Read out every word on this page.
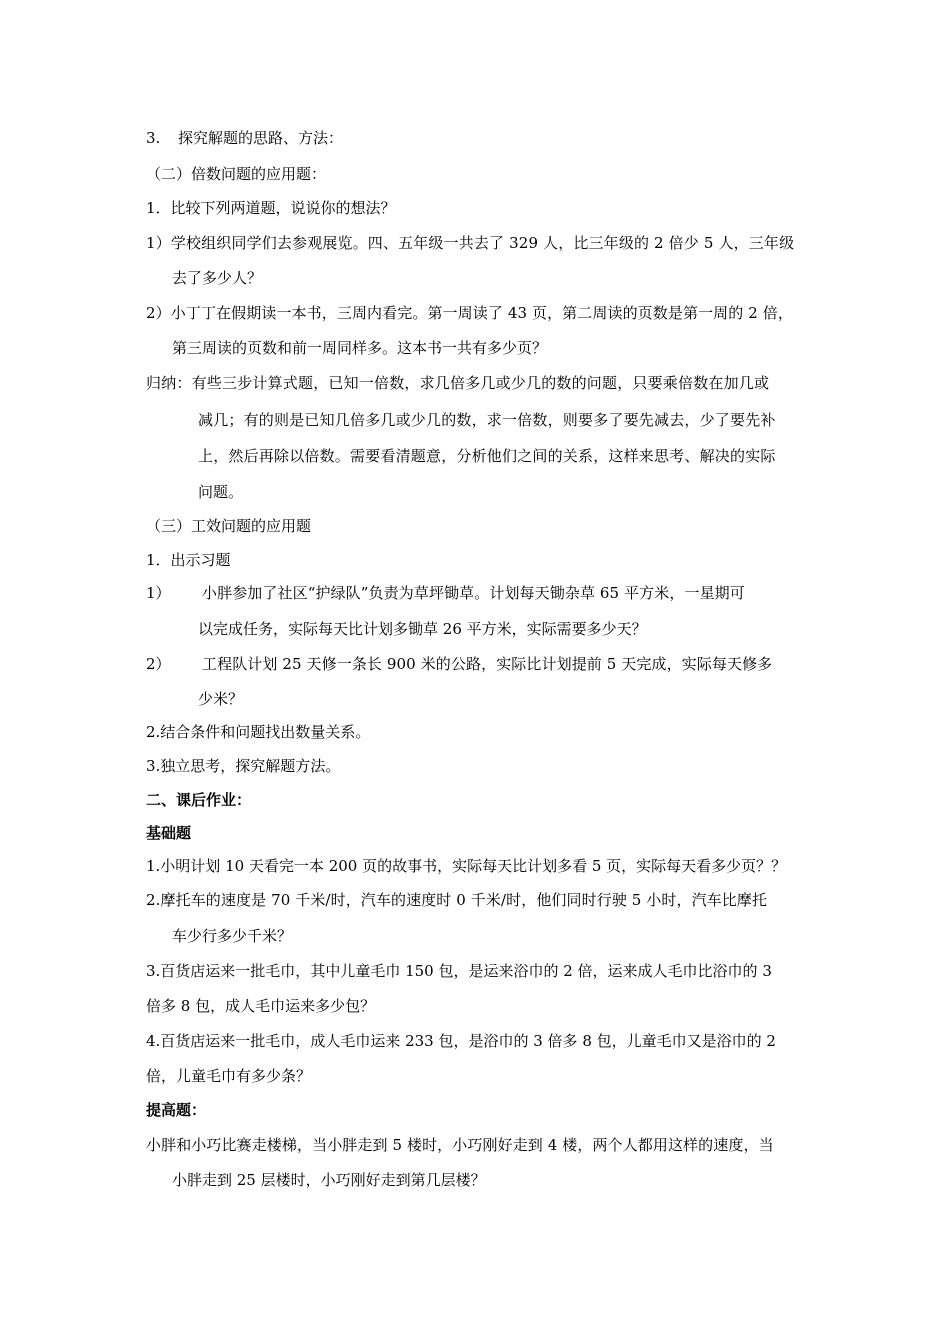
3. 探究解题的思路、方法：
（二）倍数问题的应用题：
1．比较下列两道题，说说你的想法？
1）学校组织同学们去参观展览。四、五年级一共去了 329 人，比三年级的 2 倍少 5 人，三年级
去了多少人？
2）小丁丁在假期读一本书，三周内看完。第一周读了 43 页，第二周读的页数是第一周的 2 倍，
第三周读的页数和前一周同样多。这本书一共有多少页？
归纳：有些三步计算式题，已知一倍数，求几倍多几或少几的数的问题，只要乘倍数在加几或
减几；有的则是已知几倍多几或少几的数，求一倍数，则要多了要先减去，少了要先补
上，然后再除以倍数。需要看清题意，分析他们之间的关系，这样来思考、解决的实际
问题。
（三）工效问题的应用题
1．出示习题
1） 小胖参加了社区“护绿队”负责为草坪锄草。计划每天锄杂草 65 平方米，一星期可
以完成任务，实际每天比计划多锄草 26 平方米，实际需要多少天？
2） 工程队计划 25 天修一条长 900 米的公路，实际比计划提前 5 天完成，实际每天修多
少米？
2.结合条件和问题找出数量关系。
3.独立思考，探究解题方法。
二、课后作业：
基础题
1.小明计划 10 天看完一本 200 页的故事书，实际每天比计划多看 5 页，实际每天看多少页？？
2.摩托车的速度是 70 千米/时，汽车的速度时 0 千米/时，他们同时行驶 5 小时，汽车比摩托
车少行多少千米？
3.百货店运来一批毛巾，其中儿童毛巾 150 包，是运来浴巾的 2 倍，运来成人毛巾比浴巾的 3
倍多 8 包，成人毛巾运来多少包？
4.百货店运来一批毛巾，成人毛巾运来 233 包，是浴巾的 3 倍多 8 包，儿童毛巾又是浴巾的 2
倍，儿童毛巾有多少条？
提高题：
小胖和小巧比赛走楼梯，当小胖走到 5 楼时，小巧刚好走到 4 楼，两个人都用这样的速度，当
小胖走到 25 层楼时，小巧刚好走到第几层楼？
